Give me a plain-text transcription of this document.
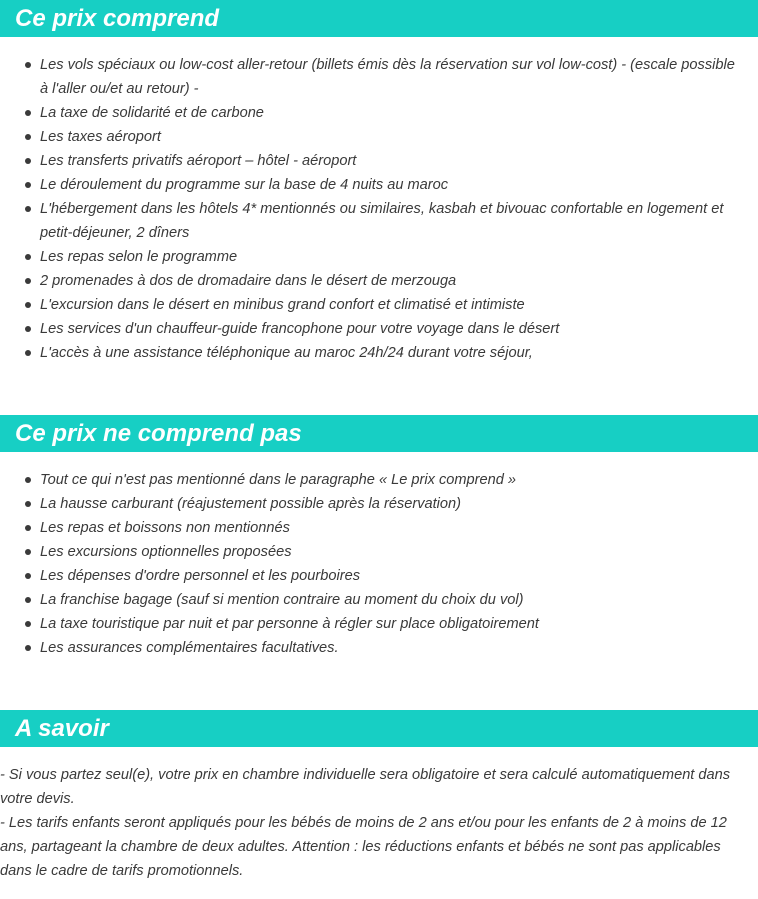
Ce prix comprend
Les vols spéciaux ou low-cost aller-retour (billets émis dès la réservation sur vol low-cost) - (escale possible à l'aller ou/et au retour) -
La taxe de solidarité et de carbone
Les taxes aéroport
Les transferts privatifs aéroport – hôtel - aéroport
Le déroulement du programme sur la base de 4 nuits au maroc
L'hébergement dans les hôtels 4* mentionnés ou similaires, kasbah et bivouac confortable en logement et petit-déjeuner, 2 dîners
Les repas selon le programme
2 promenades à dos de dromadaire dans le désert de merzouga
L'excursion dans le désert en minibus grand confort et climatisé et intimiste
Les services d'un chauffeur-guide francophone pour votre voyage dans le désert
L'accès à une assistance téléphonique au maroc 24h/24 durant votre séjour,
Ce prix ne comprend pas
Tout ce qui n'est pas mentionné dans le paragraphe « Le prix comprend »
La hausse carburant (réajustement possible après la réservation)
Les repas et boissons non mentionnés
Les excursions optionnelles proposées
Les dépenses d'ordre personnel et les pourboires
La franchise bagage (sauf si mention contraire au moment du choix du vol)
La taxe touristique par nuit et par personne à régler sur place obligatoirement
Les assurances complémentaires facultatives.
A savoir

- Si vous partez seul(e), votre prix en chambre individuelle sera obligatoire et sera calculé automatiquement dans votre devis.

- Les tarifs enfants seront appliqués pour les bébés de moins de 2 ans et/ou pour les enfants de 2 à moins de 12 ans, partageant la chambre de deux adultes. Attention : les réductions enfants et bébés ne sont pas applicables dans le cadre de tarifs promotionnels.
